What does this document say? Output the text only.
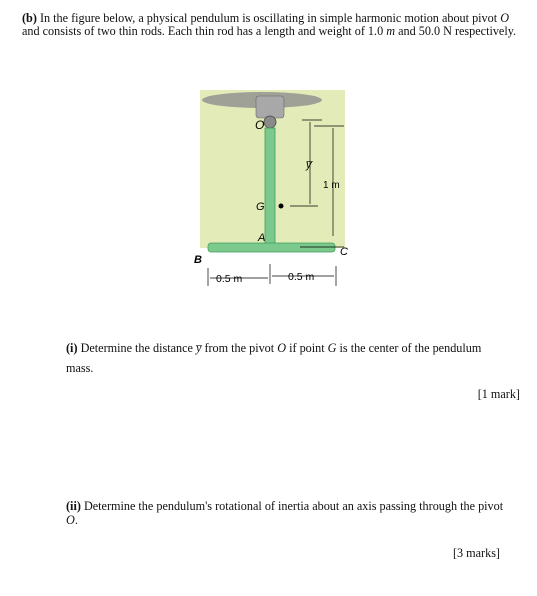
(b) In the figure below, a physical pendulum is oscillating in simple harmonic motion about pivot O and consists of two thin rods. Each thin rod has a length and weight of 1.0 m and 50.0 N respectively.
O
y̅
1 m
G
A
B
C
0.5 m	0.5 m
(i) Determine the distance y̅ from the pivot O if point G is the center of the pendulum mass.
[1 mark]
(ii) Determine the pendulum's rotational of inertia about an axis passing through the pivot O.
[3 marks]
